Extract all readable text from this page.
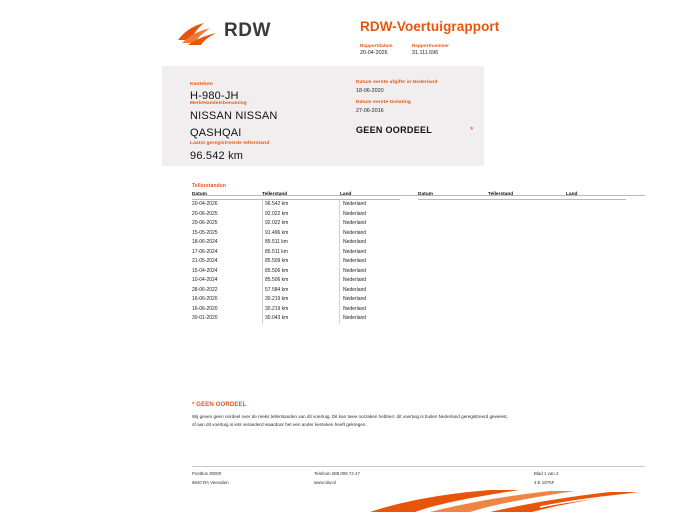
RDW	RDW-Voertuigrapport
Rapportdatum	Rapportnummer
20-04-2026	31.111.696
Kenteken
H-980-JH
Merk/Handelsbenaming
NISSAN NISSAN
QASHQAI
Laatst geregistreerde tellerstand
96.542 km
Datum eerste afgifte in Nederland
18-06-2020
Datum eerste toelating
27-06-2016
GEEN OORDEEL	*
Tellerstanden
Datum	Tellerstand	Land
20-04-2026	96.542 km	Nederland
20-06-2025	92.022 km	Nederland
20-06-2025	92.022 km	Nederland
15-05-2025	91.496 km	Nederland
18-06-2024	85.511 km	Nederland
17-06-2024	85.511 km	Nederland
21-05-2024	85.509 km	Nederland
15-04-2024	85.506 km	Nederland
10-04-2024	85.506 km	Nederland
28-06-2022	57.584 km	Nederland
16-06-2020	30.219 km	Nederland
16-06-2020	30.219 km	Nederland
30-01-2020	30.043 km	Nederland
Datum	Tellerstand	Land
* GEEN OORDEEL
Wij geven geen oordeel over de reeks tellerstanden van dit voertuig. Dit kan twee oorzaken hebben: dit voertuig is buiten Nederland geregistreerd geweest, of aan dit voertuig is iets veranderd waardoor het een ander kenteken heeft gekregen.
Postbus 30000
9640 RA Veendam
Telefoon 088 008 74 47
www.rdw.nl
Blad 1 van 2
3 E 1875F
